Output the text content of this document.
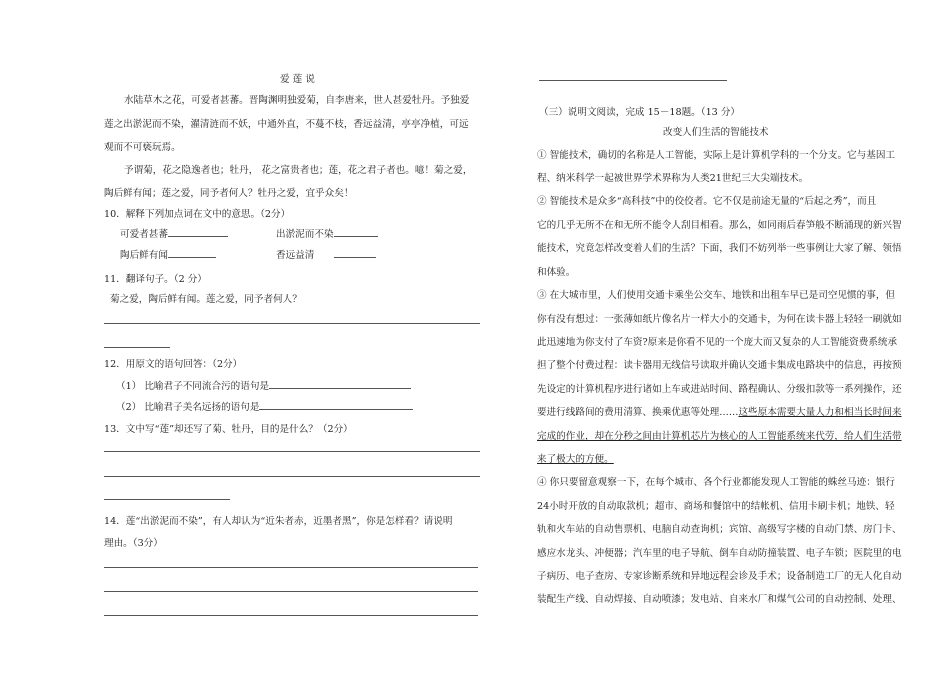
爱 莲 说
水陆草木之花，可爱者甚蕃。晋陶渊明独爱菊，自李唐来，世人甚爱牡丹。予独爱
莲之出淤泥而不染，濯清涟而不妖，中通外直，不蔓不枝，香远益清，亭亭净植，可远
观而不可亵玩焉。
予谓菊，花之隐逸者也；牡丹， 花之富贵者也；莲，花之君子者也。噫！菊之爱，
陶后鲜有闻；莲之爱，同予者何人？牡丹之爱，宜乎众矣！
10．解释下列加点词在文中的意思。（2分）
可爱者甚蕃	出淤泥而不染
陶后鲜有闻	香远益清
11．翻译句子。（2 分）
菊之爱，陶后鲜有闻。莲之爱，同予者何人？
12．用原文的语句回答：（2分）
（1） 比喻君子不同流合污的语句是
（2） 比喻君子美名远扬的语句是
13．文中写“莲”却还写了菊、牡丹，目的是什么？（2分）
14．莲“出淤泥而不染”，有人却认为“近朱者赤，近墨者黑”，你是怎样看？请说明
理由。（3分）
（三）说明文阅读，完成 15－18题。（13 分）
改变人们生活的智能技术
① 智能技术，确切的名称是人工智能，实际上是计算机学科的一个分支。它与基因工
程、纳米科学一起被世界学术界称为人类21世纪三大尖端技术。
② 智能技术是众多“高科技”中的佼佼者。它不仅是前途无量的“后起之秀”，而且
它的几乎无所不在和无所不能令人刮目相看。那么，如同雨后春笋般不断涌现的新兴智
能技术，究竟怎样改变着人们的生活？下面，我们不妨列举一些事例让大家了解、领悟
和体验。
③ 在大城市里，人们使用交通卡乘坐公交车、地铁和出租车早已是司空见惯的事，但
你有没有想过：一张薄如纸片像名片一样大小的交通卡，为何在读卡器上轻轻一刷就如
此迅速地为你支付了车资?原来是你看不见的一个庞大而又复杂的人工智能资费系统承
担了整个付费过程：读卡器用无线信号读取并确认交通卡集成电路块中的信息，再按预
先设定的计算机程序进行诸如上车或进站时间、路程确认、分级扣款等一系列操作，还
要进行线路间的费用清算、换乘优惠等处理……这些原本需要大量人力和相当长时间来
完成的作业，却在分秒之间由计算机芯片为核心的人工智能系统来代劳，给人们生活带
来了极大的方便。
④ 你只要留意观察一下，在每个城市、各个行业都能发现人工智能的蛛丝马迹：银行
24小时开放的自动取款机；超市、商场和餐馆中的结帐机、信用卡刷卡机；地铁、轻
轨和火车站的自动售票机、电脑自动查询机；宾馆、高级写字楼的自动门禁、房门卡、
感应水龙头、冲便器；汽车里的电子导航、倒车自动防撞装置、电子车锁；医院里的电
子病历、电子查房、专家诊断系统和异地远程会诊及手术；设备制造工厂的无人化自动
装配生产线、自动焊接、自动喷漆；发电站、自来水厂和煤气公司的自动控制、处理、
